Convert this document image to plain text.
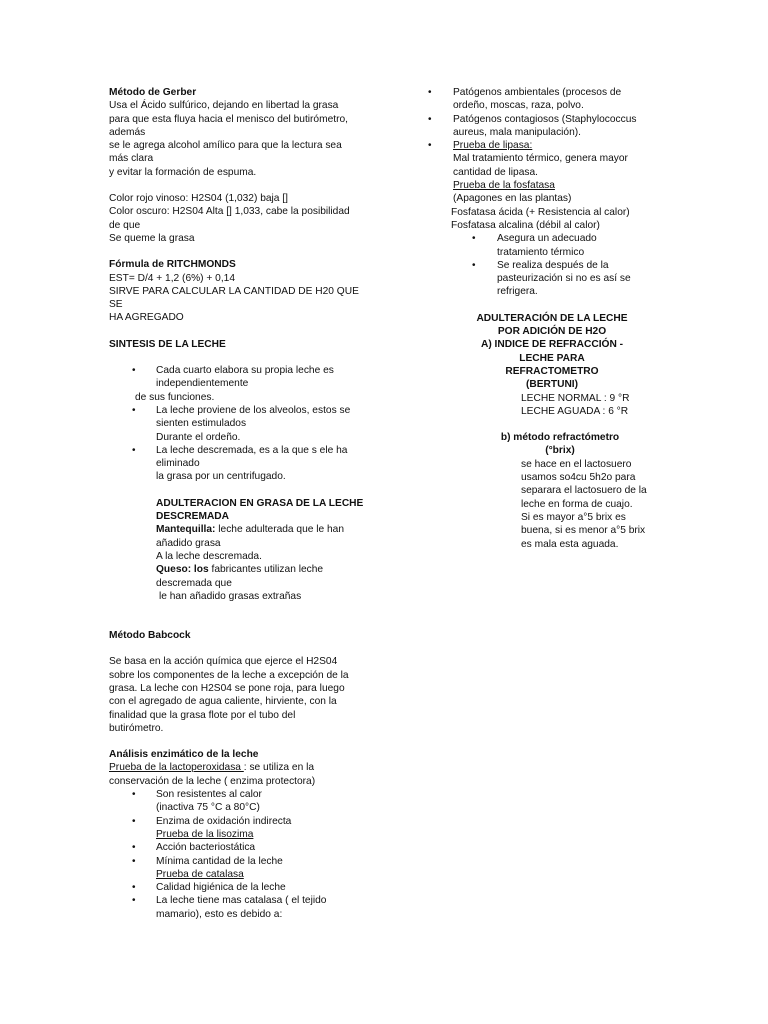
Método de Gerber

Usa el Ácido sulfúrico, dejando en libertad la grasa

para que esta fluya hacia el menisco del butirómetro,

además

se le agrega alcohol amílico para que la lectura sea

más clara

y evitar la formación de espuma.

Color rojo vinoso: H2S04 (1,032) baja []

Color oscuro: H2S04 Alta [] 1,033, cabe la posibilidad

de que

Se queme la grasa

Fórmula de RITCHMONDS

EST= D/4 + 1,2 (6%) + 0,14

SIRVE PARA CALCULAR LA CANTIDAD DE H20 QUE SE

HA AGREGADO

SINTESIS DE LA LECHE

• Cada cuarto elabora su propia leche es

independientemente

de sus funciones.

• La leche proviene de los alveolos, estos se

sienten estimulados

Durante el ordeño.

• La leche descremada, es a la que s ele ha

eliminado

la grasa por un centrifugado.

ADULTERACION EN GRASA DE LA LECHE

DESCREMADA

Mantequilla: leche adulterada que le han

añadido grasa

A la leche descremada.

Queso: los fabricantes utilizan leche

descremada que

le han añadido grasas extrañas

Método Babcock

Se basa en la acción química que ejerce el H2S04

sobre los componentes de la leche a excepción de la

grasa. La leche con H2S04 se pone roja, para luego

con el agregado de agua caliente, hirviente, con la

finalidad que la grasa flote por el tubo del

butirómetro.

Análisis enzimático de la leche

Prueba de la lactoperoxidasa : se utiliza en la

conservación de la leche ( enzima protectora)

• Son resistentes al calor

(inactiva 75 °C a 80°C)

• Enzima de oxidación indirecta

Prueba de la lisozima

• Acción bacteriostática

• Mínima cantidad de la leche

Prueba de catalasa

• Calidad higiénica de la leche

• La leche tiene mas catalasa ( el tejido

mamario), esto es debido a:

• Patógenos ambientales (procesos de

ordeño, moscas, raza, polvo.

• Patógenos contagiosos (Staphylococcus

aureus, mala manipulación).

• Prueba de lipasa:

Mal tratamiento térmico, genera mayor

cantidad de lipasa.

Prueba de la fosfatasa

(Apagones en las plantas)

Fosfatasa ácida (+ Resistencia al calor)

Fosfatasa alcalina (débil al calor)

• Asegura un adecuado

tratamiento térmico

• Se realiza después de la

pasteurización si no es así se

refrigera.

ADULTERACIÓN DE LA LECHE

POR ADICIÓN DE H2O

A) INDICE DE REFRACCIÓN -

LECHE PARA

REFRACTOMETRO

(BERTUNI)

LECHE NORMAL : 9 °R

LECHE AGUADA : 6 °R

b) método refractómetro

(°brix)

se hace en el lactosuero

usamos so4cu 5h2o para

separara el lactosuero de la

leche en forma de cuajo.

Si es mayor a°5 brix es

buena, si es menor a°5 brix

es mala esta aguada.
